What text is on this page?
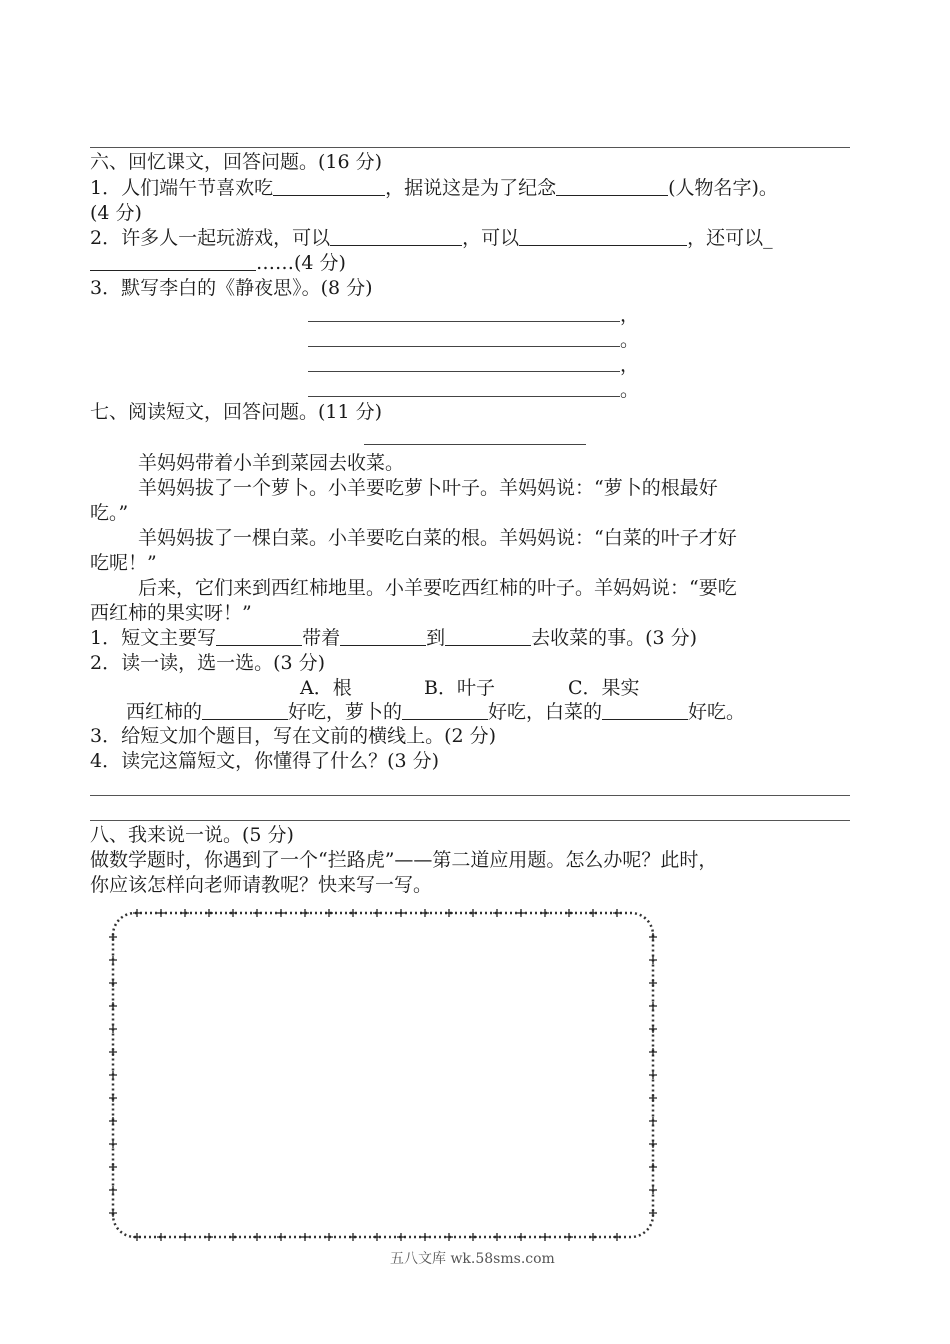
六、回忆课文，回答问题。(16 分)
1．人们端午节喜欢吃	，据说这是为了纪念	(人物名字)。
(4 分)
2．许多人一起玩游戏，可以	，可以	，还可以_
……(4 分)
3．默写李白的《静夜思》。(8 分)
，
。
，
。
七、阅读短文，回答问题。(11 分)
羊妈妈带着小羊到菜园去收菜。
羊妈妈拔了一个萝卜。小羊要吃萝卜叶子。羊妈妈说：“萝卜的根最好
吃。”
羊妈妈拔了一棵白菜。小羊要吃白菜的根。羊妈妈说：“白菜的叶子才好
吃呢！”
后来，它们来到西红柿地里。小羊要吃西红柿的叶子。羊妈妈说：“要吃
西红柿的果实呀！”
1．短文主要写	带着	到	去收菜的事。(3 分)
2．读一读，选一选。(3 分)
A．根	B．叶子	C．果实
西红柿的	好吃，萝卜的	好吃，白菜的	好吃。
3．给短文加个题目，写在文前的横线上。(2 分)
4．读完这篇短文，你懂得了什么？(3 分)
八、我来说一说。(5 分)
做数学题时，你遇到了一个“拦路虎”——第二道应用题。怎么办呢？此时，
你应该怎样向老师请教呢？快来写一写。
五八文库 wk.58sms.com
